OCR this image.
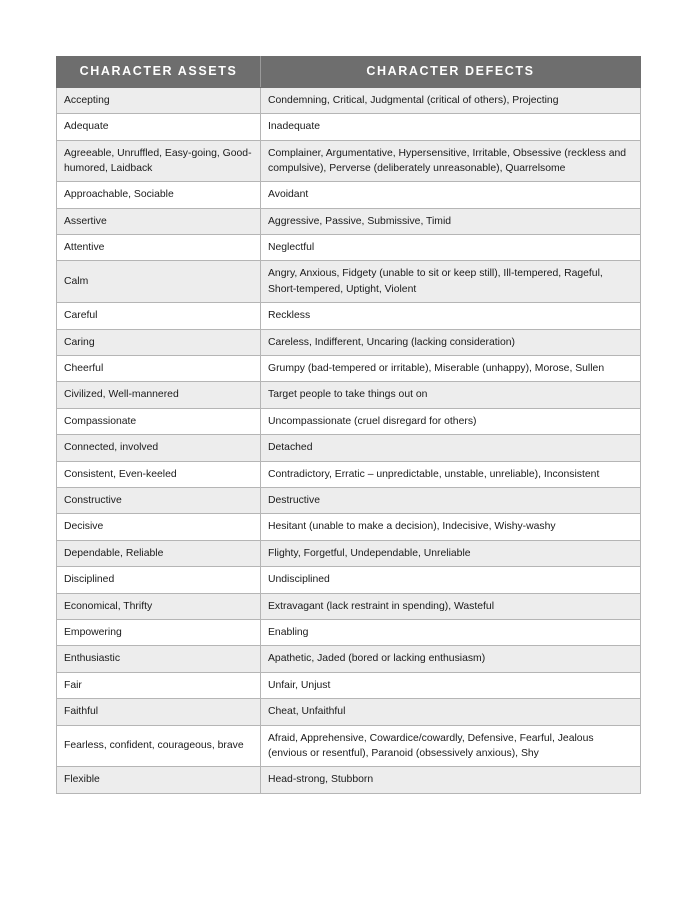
CHARACTER ASSETS	CHARACTER DEFECTS
Accepting	Condemning, Critical, Judgmental (critical of others), Projecting
Adequate	Inadequate
Agreeable, Unruffled, Easy-going, Good-humored, Laidback	Complainer, Argumentative, Hypersensitive, Irritable, Obsessive (reckless and compulsive), Perverse (deliberately unreasonable), Quarrelsome
Approachable, Sociable	Avoidant
Assertive	Aggressive, Passive, Submissive, Timid
Attentive	Neglectful
Calm	Angry, Anxious, Fidgety (unable to sit or keep still), Ill-tempered, Rageful, Short-tempered, Uptight, Violent
Careful	Reckless
Caring	Careless, Indifferent, Uncaring (lacking consideration)
Cheerful	Grumpy (bad-tempered or irritable), Miserable (unhappy), Morose, Sullen
Civilized, Well-mannered	Target people to take things out on
Compassionate	Uncompassionate (cruel disregard for others)
Connected, involved	Detached
Consistent, Even-keeled	Contradictory, Erratic – unpredictable, unstable, unreliable), Inconsistent
Constructive	Destructive
Decisive	Hesitant (unable to make a decision), Indecisive, Wishy-washy
Dependable, Reliable	Flighty, Forgetful, Undependable, Unreliable
Disciplined	Undisciplined
Economical, Thrifty	Extravagant (lack restraint in spending), Wasteful
Empowering	Enabling
Enthusiastic	Apathetic, Jaded (bored or lacking enthusiasm)
Fair	Unfair, Unjust
Faithful	Cheat, Unfaithful
Fearless, confident, courageous, brave	Afraid, Apprehensive, Cowardice/cowardly, Defensive, Fearful, Jealous (envious or resentful), Paranoid (obsessively anxious), Shy
Flexible	Head-strong, Stubborn
